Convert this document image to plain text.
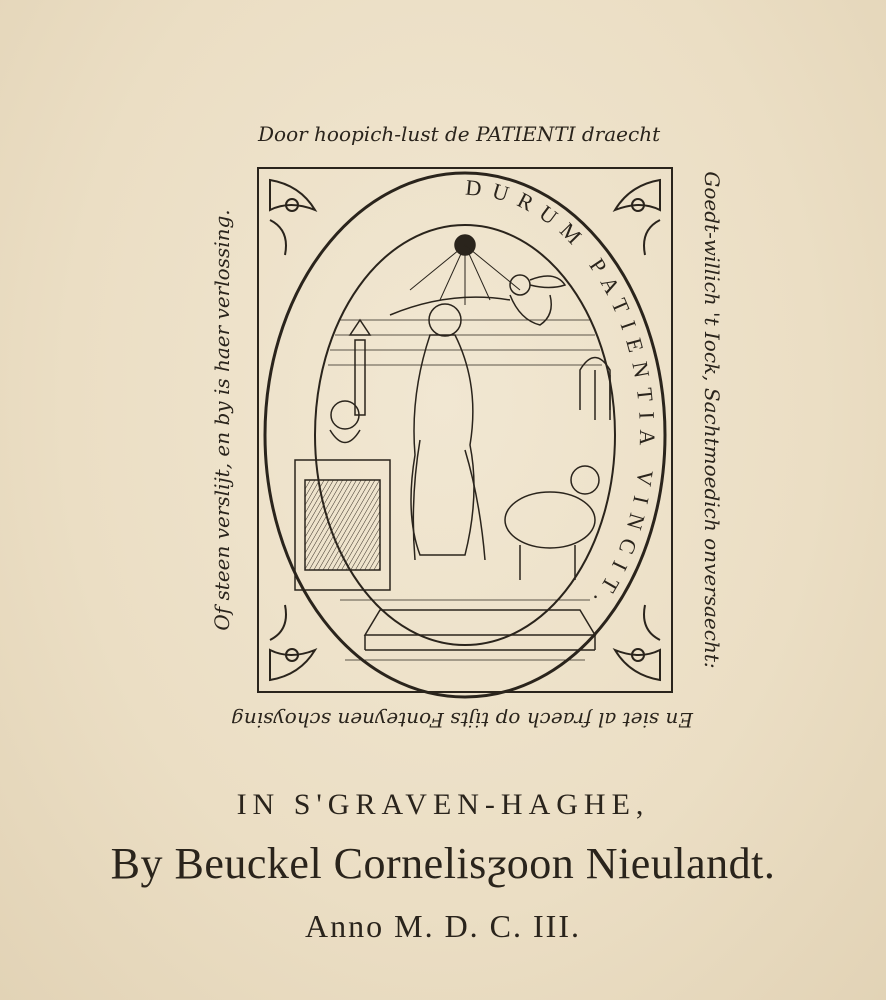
Door hoopich-lust de PATIENTI draecht
Goedt-willich 't Iock, Sachtmoedich onversaecht:
En siet al fraech op tijts Fonteynen schoysing
Of steen verslijt, en by is haer verlossing.
DURUM PATIENTIA VINCIT.
IN S'GRAVEN-HAGHE,
By Beuckel Cornelisƺoon Nieulandt.
Anno M. D. C. III.
